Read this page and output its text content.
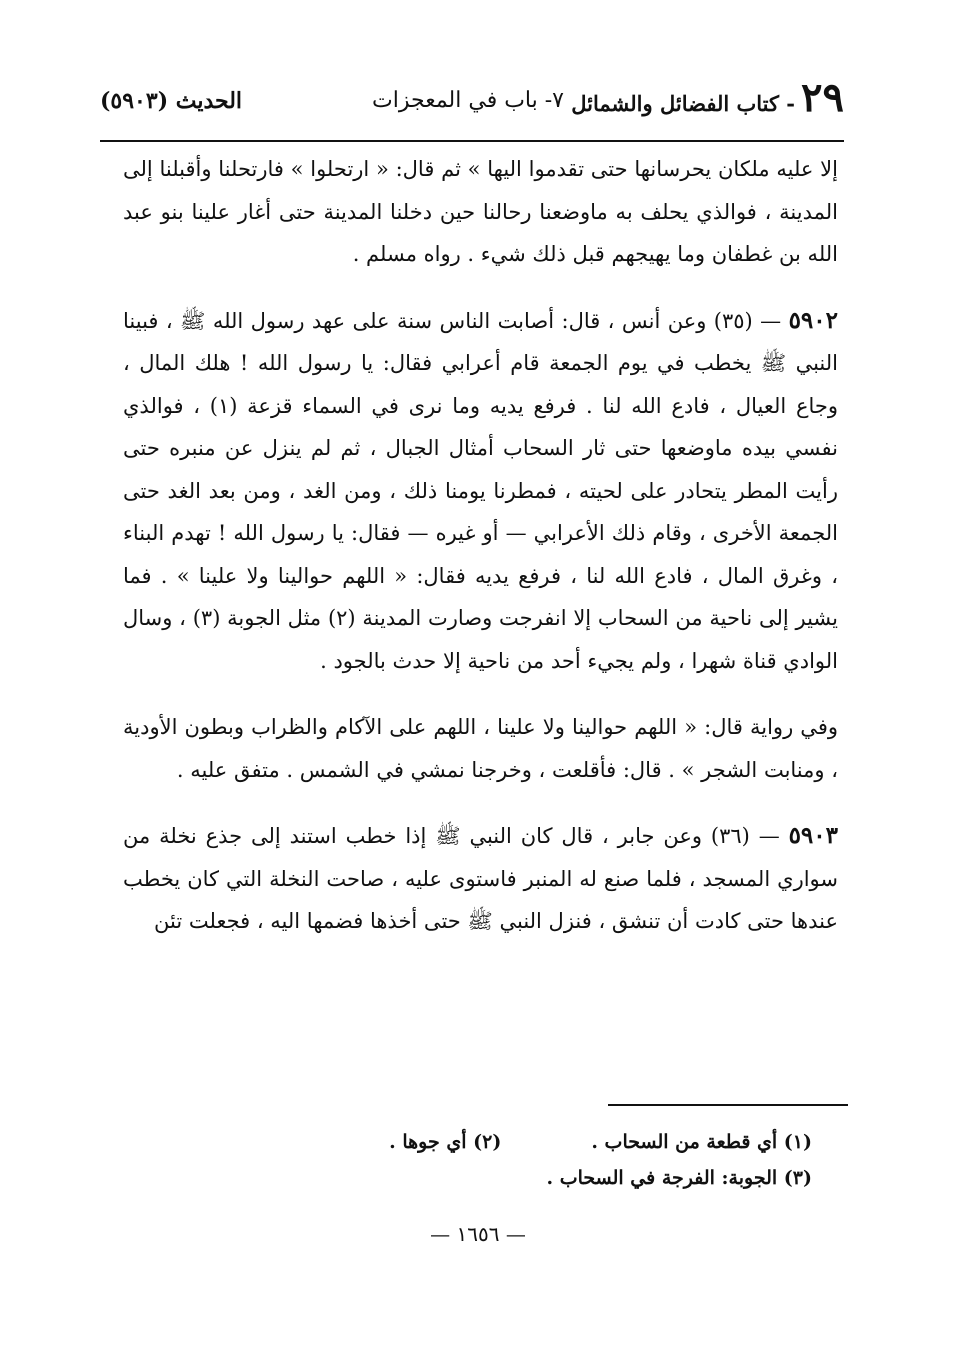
٢٩
- كتاب الفضائل والشمائل
٧- باب في المعجزات
الحديث (٥٩٠٣)

إلا عليه ملكان يحرسانها حتى تقدموا اليها » ثم قال: « ارتحلوا » فارتحلنا وأقبلنا إلى المدينة ، فوالذي يحلف به ماوضعنا رحالنا حين دخلنا المدينة حتى أغار علينا بنو عبد الله بن غطفان وما يهيجهم قبل ذلك شيء . رواه مسلم .

٥٩٠٢ — (٣٥) وعن أنس ، قال: أصابت الناس سنة على عهد رسول الله ﷺ ، فبينا النبي ﷺ يخطب في يوم الجمعة قام أعرابي فقال: يا رسول الله ! هلك المال ، وجاع العيال ، فادع الله لنا . فرفع يديه وما نرى في السماء قزعة (١) ، فوالذي نفسي بيده ماوضعها حتى ثار السحاب أمثال الجبال ، ثم لم ينزل عن منبره حتى رأيت المطر يتحادر على لحيته ، فمطرنا يومنا ذلك ، ومن الغد ، ومن بعد الغد حتى الجمعة الأخرى ، وقام ذلك الأعرابي — أو غيره — فقال: يا رسول الله ! تهدم البناء ، وغرق المال ، فادع الله لنا ، فرفع يديه فقال: « اللهم حوالينا ولا علينا » . فما يشير إلى ناحية من السحاب إلا انفرجت وصارت المدينة (٢) مثل الجوبة (٣) ، وسال الوادي قناة شهرا ، ولم يجيء أحد من ناحية إلا حدث بالجود .

وفي رواية قال: « اللهم حوالينا ولا علينا ، اللهم على الآكام والظراب وبطون الأودية ، ومنابت الشجر » . قال: فأقلعت ، وخرجنا نمشي في الشمس . متفق عليه .

٥٩٠٣ — (٣٦) وعن جابر ، قال كان النبي ﷺ إذا خطب استند إلى جذع نخلة من سواري المسجد ، فلما صنع له المنبر فاستوى عليه ، صاحت النخلة التي كان يخطب عندها حتى كادت أن تنشق ، فنزل النبي ﷺ حتى أخذها فضمها اليه ، فجعلت تئن

(١) أي قطعة من السحاب .
(٢) أي جوها .
(٣) الجوبة: الفرجة في السحاب .
— ١٦٥٦ —
